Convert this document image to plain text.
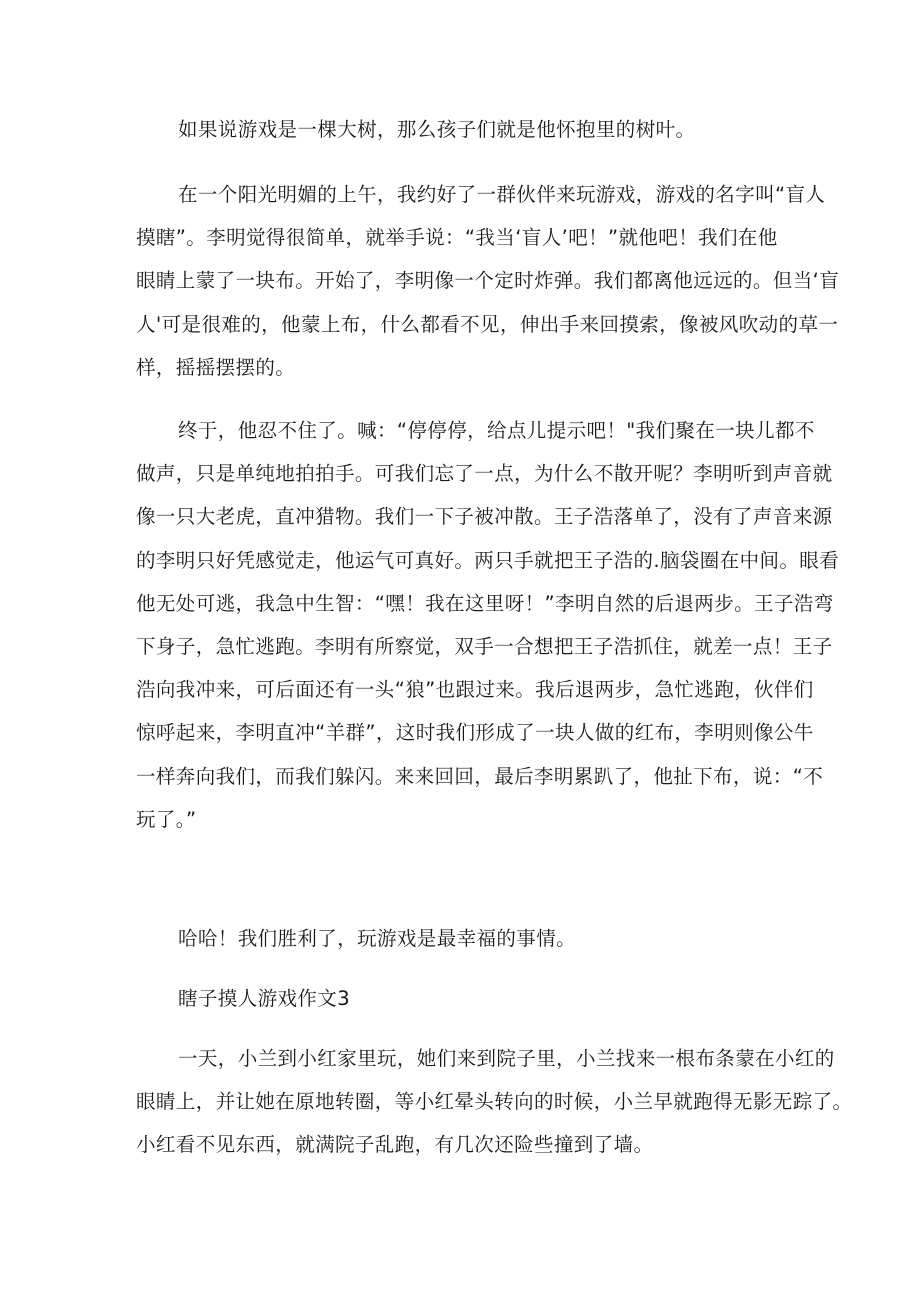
如果说游戏是一棵大树，那么孩子们就是他怀抱里的树叶。
在一个阳光明媚的上午，我约好了一群伙伴来玩游戏，游戏的名字叫“盲人
摸瞎”。李明觉得很简单，就举手说：“我当‘盲人’吧！”就他吧！我们在他
眼睛上蒙了一块布。开始了，李明像一个定时炸弹。我们都离他远远的。但当‘盲
人'可是很难的，他蒙上布，什么都看不见，伸出手来回摸索，像被风吹动的草一
样，摇摇摆摆的。
终于，他忍不住了。喊：“停停停，给点儿提示吧！"我们聚在一块儿都不
做声，只是单纯地拍拍手。可我们忘了一点，为什么不散开呢？李明听到声音就
像一只大老虎，直冲猎物。我们一下子被冲散。王子浩落单了，没有了声音来源
的李明只好凭感觉走，他运气可真好。两只手就把王子浩的.脑袋圈在中间。眼看
他无处可逃，我急中生智：“嘿！我在这里呀！”李明自然的后退两步。王子浩弯
下身子，急忙逃跑。李明有所察觉，双手一合想把王子浩抓住，就差一点！王子
浩向我冲来，可后面还有一头“狼”也跟过来。我后退两步，急忙逃跑，伙伴们
惊呼起来，李明直冲“羊群”，这时我们形成了一块人做的红布，李明则像公牛
一样奔向我们，而我们躲闪。来来回回，最后李明累趴了，他扯下布，说：“不
玩了。”
哈哈！我们胜利了，玩游戏是最幸福的事情。
瞎子摸人游戏作文3
一天，小兰到小红家里玩，她们来到院子里，小兰找来一根布条蒙在小红的
眼睛上，并让她在原地转圈，等小红晕头转向的时候，小兰早就跑得无影无踪了。
小红看不见东西，就满院子乱跑，有几次还险些撞到了墙。
